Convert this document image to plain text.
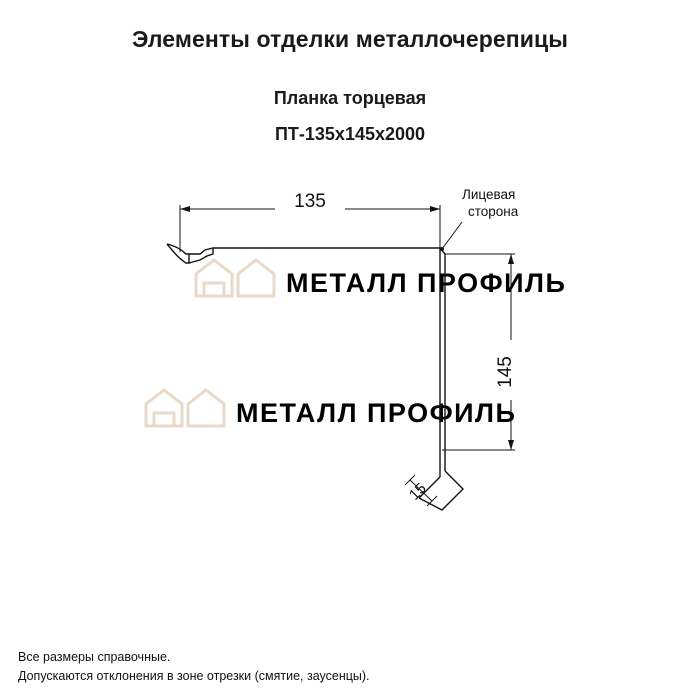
Элементы отделки металлочерепицы
Планка торцевая
ПТ-135x145x2000
МЕТАЛЛ ПРОФИЛЬ
МЕТАЛЛ ПРОФИЛЬ
135
145
15
Лицевая
сторона
Все размеры справочные.
Допускаются отклонения в зоне отрезки (смятие, заусенцы).
